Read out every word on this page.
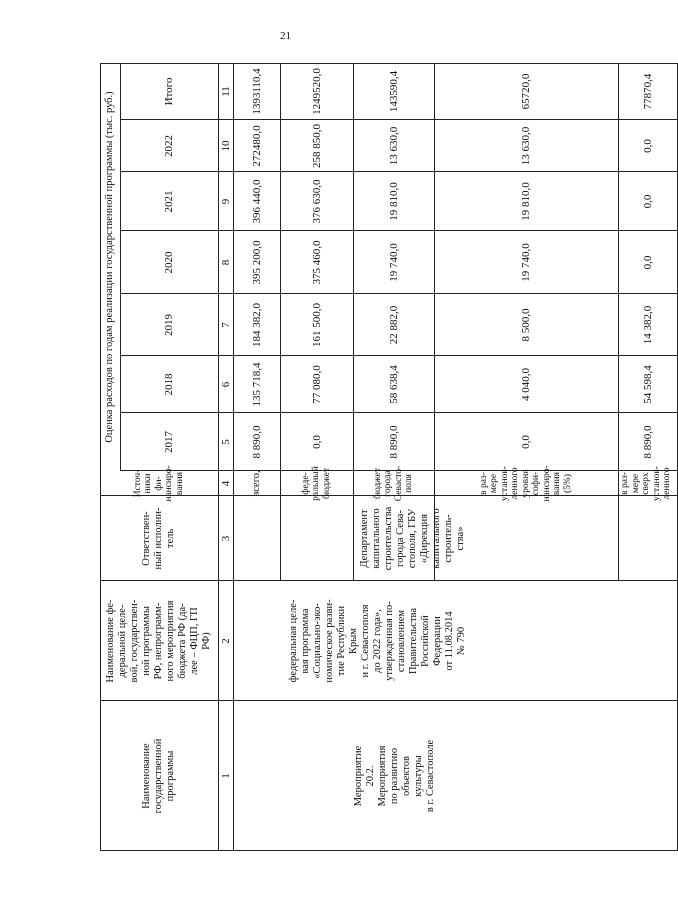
21
Наименование
государственной
программы
Наименование фе-
деральной целе-
вой, государствен-
ной программы
РФ, непрограмм-
ного мероприятия
бюджета РФ (да-
лее – ФЦП, ГП
РФ)
Ответствен-
ный исполни-
тель
Источ-
ники фи-
нансиро-
вания
Оценка расходов по годам реализации государственной программы (тыс. руб.)	2017
2018
2019
2020
2021
2022
Итого
1
2
3
4
5
6
7
8
9
10
11
Мероприятие
20.2.
Мероприятия
по развитию
объектов
культуры
в г. Севастополе
федеральная целе-
вая программа
«Социально-эко-
номическое разви-
тие Республики
Крым
и г. Севастополя
до 2022 года»,
утвержденная по-
становлением
Правительства
Российской
Федерации
от 11.08.2014
№ 790
Департамент
капитального
строительства
города Сева-
стополя, ГБУ
«Дирекция
капитального
строитель-
ства»
всего,
8 890,0
135 718,4
184 382,0
395 200,0
396 440,0
272480,0
1393110,4
феде-
ральный
бюджет
0,0
77 080,0
161 500,0
375 460,0
376 630,0
258 850,0
1249520,0
бюджет
города
Севасто-
поля
8 890,0
58 638,4
22 882,0
19 740,0
19 810,0
13 630,0
143590,4
в раз-
мере
установ-
ленного
уровня
софи-
нансиро-
вания
(5%)
0,0
4 040,0
8 500,0
19 740,0
19 810,0
13 630,0
65720,0
в раз-
мере
сверх
установ-
ленного
8 890,0
54 598,4
14 382,0
0,0
0,0
0,0
77870,4
